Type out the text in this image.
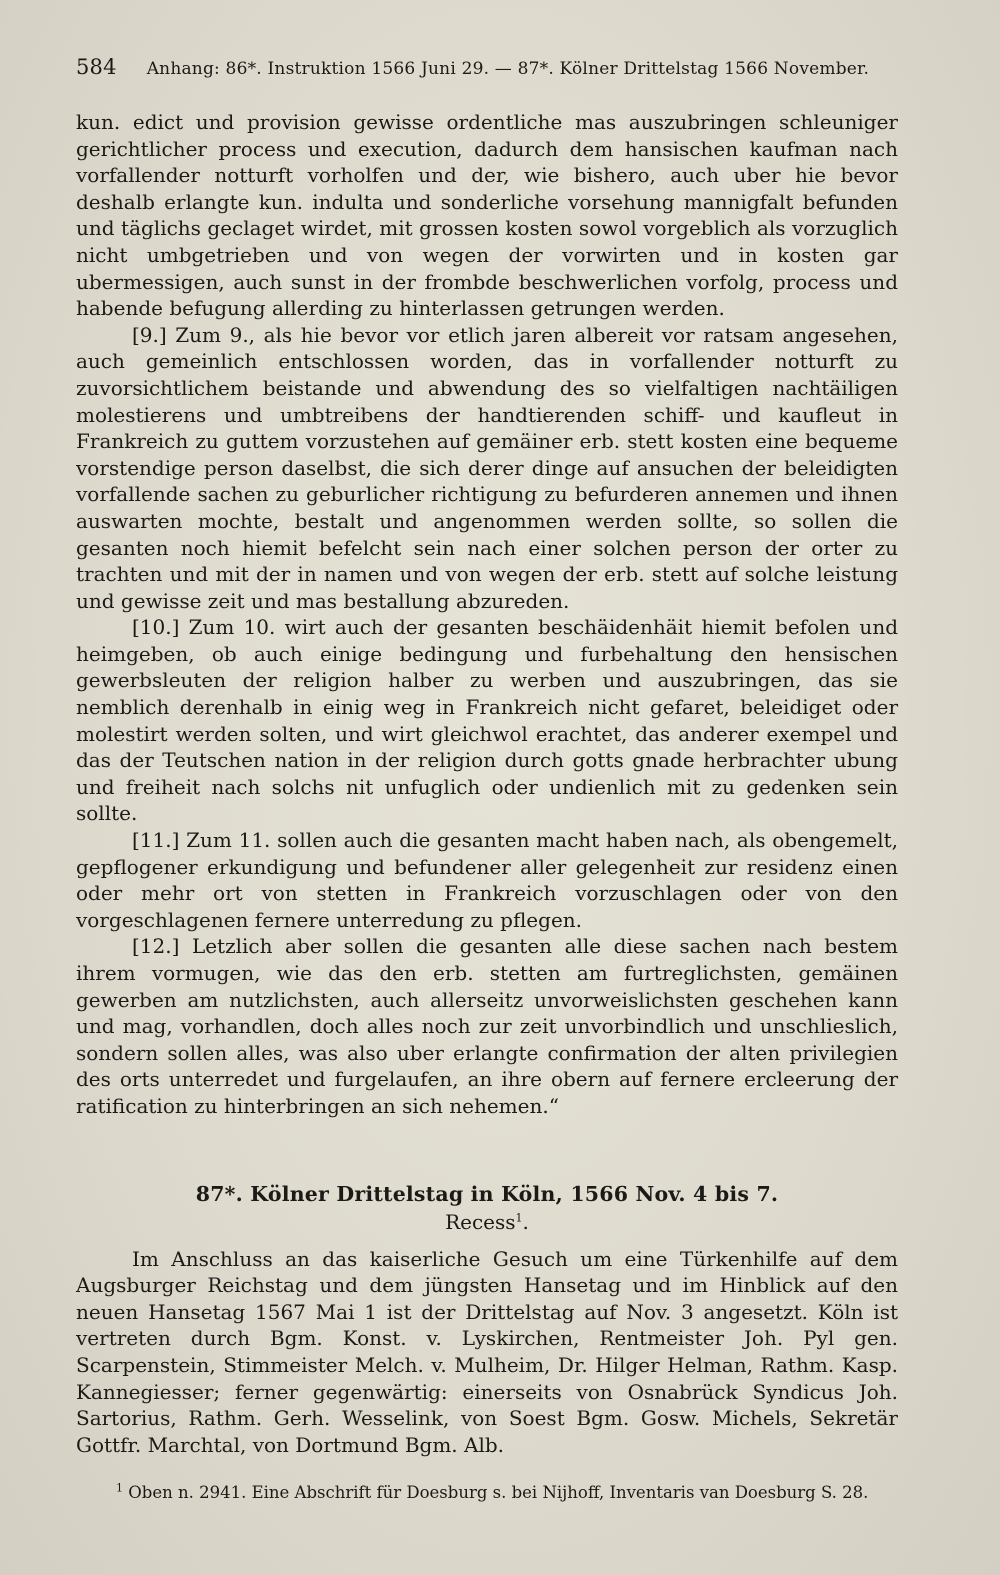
584 Anhang: 86*. Instruktion 1566 Juni 29. — 87*. Kölner Drittelstag 1566 November.

kun. edict und provision gewisse ordentliche mas auszubringen schleuniger gerichtlicher process und execution, dadurch dem hansischen kaufman nach vorfallender notturft vorholfen und der, wie bishero, auch uber hie bevor deshalb erlangte kun. indulta und sonderliche vorsehung mannigfalt befunden und täglichs geclaget wirdet, mit grossen kosten sowol vorgeblich als vorzuglich nicht umbgetrieben und von wegen der vorwirten und in kosten gar ubermessigen, auch sunst in der frombde beschwerlichen vorfolg, process und habende befugung allerding zu hinterlassen getrungen werden.

[9.] Zum 9., als hie bevor vor etlich jaren albereit vor ratsam angesehen, auch gemeinlich entschlossen worden, das in vorfallender notturft zu zuvorsichtlichem beistande und abwendung des so vielfaltigen nachtäiligen molestierens und umbtreibens der handtierenden schiff- und kaufleut in Frankreich zu guttem vorzustehen auf gemäiner erb. stett kosten eine bequeme vorstendige person daselbst, die sich derer dinge auf ansuchen der beleidigten vorfallende sachen zu geburlicher richtigung zu befurderen annemen und ihnen auswarten mochte, bestalt und angenommen werden sollte, so sollen die gesanten noch hiemit befelcht sein nach einer solchen person der orter zu trachten und mit der in namen und von wegen der erb. stett auf solche leistung und gewisse zeit und mas bestallung abzureden.

[10.] Zum 10. wirt auch der gesanten beschäidenhäit hiemit befolen und heimgeben, ob auch einige bedingung und furbehaltung den hensischen gewerbsleuten der religion halber zu werben und auszubringen, das sie nemblich derenhalb in einig weg in Frankreich nicht gefaret, beleidiget oder molestirt werden solten, und wirt gleichwol erachtet, das anderer exempel und das der Teutschen nation in der religion durch gotts gnade herbrachter ubung und freiheit nach solchs nit unfuglich oder undienlich mit zu gedenken sein sollte.

[11.] Zum 11. sollen auch die gesanten macht haben nach, als obengemelt, gepflogener erkundigung und befundener aller gelegenheit zur residenz einen oder mehr ort von stetten in Frankreich vorzuschlagen oder von den vorgeschlagenen fernere unterredung zu pflegen.

[12.] Letzlich aber sollen die gesanten alle diese sachen nach bestem ihrem vormugen, wie das den erb. stetten am furtreglichsten, gemäinen gewerben am nutzlichsten, auch allerseitz unvorweislichsten geschehen kann und mag, vorhandlen, doch alles noch zur zeit unvorbindlich und unschlieslich, sondern sollen alles, was also uber erlangte confirmation der alten privilegien des orts unterredet und furgelaufen, an ihre obern auf fernere ercleerung der ratification zu hinterbringen an sich nehemen.“

87*. Kölner Drittelstag in Köln, 1566 Nov. 4 bis 7.
Recess$^1$.

Im Anschluss an das kaiserliche Gesuch um eine Türkenhilfe auf dem Augsburger Reichstag und dem jüngsten Hansetag und im Hinblick auf den neuen Hansetag 1567 Mai 1 ist der Drittelstag auf Nov. 3 angesetzt. Köln ist vertreten durch Bgm. Konst. v. Lyskirchen, Rentmeister Joh. Pyl gen. Scarpenstein, Stimmeister Melch. v. Mulheim, Dr. Hilger Helman, Rathm. Kasp. Kannegiesser; ferner gegenwärtig: einerseits von Osnabrück Syndicus Joh. Sartorius, Rathm. Gerh. Wesselink, von Soest Bgm. Gosw. Michels, Sekretär Gottfr. Marchtal, von Dortmund Bgm. Alb.

$^1$ Oben n. 2941. Eine Abschrift für Doesburg s. bei Nijhoff, Inventaris van Doesburg S. 28.
